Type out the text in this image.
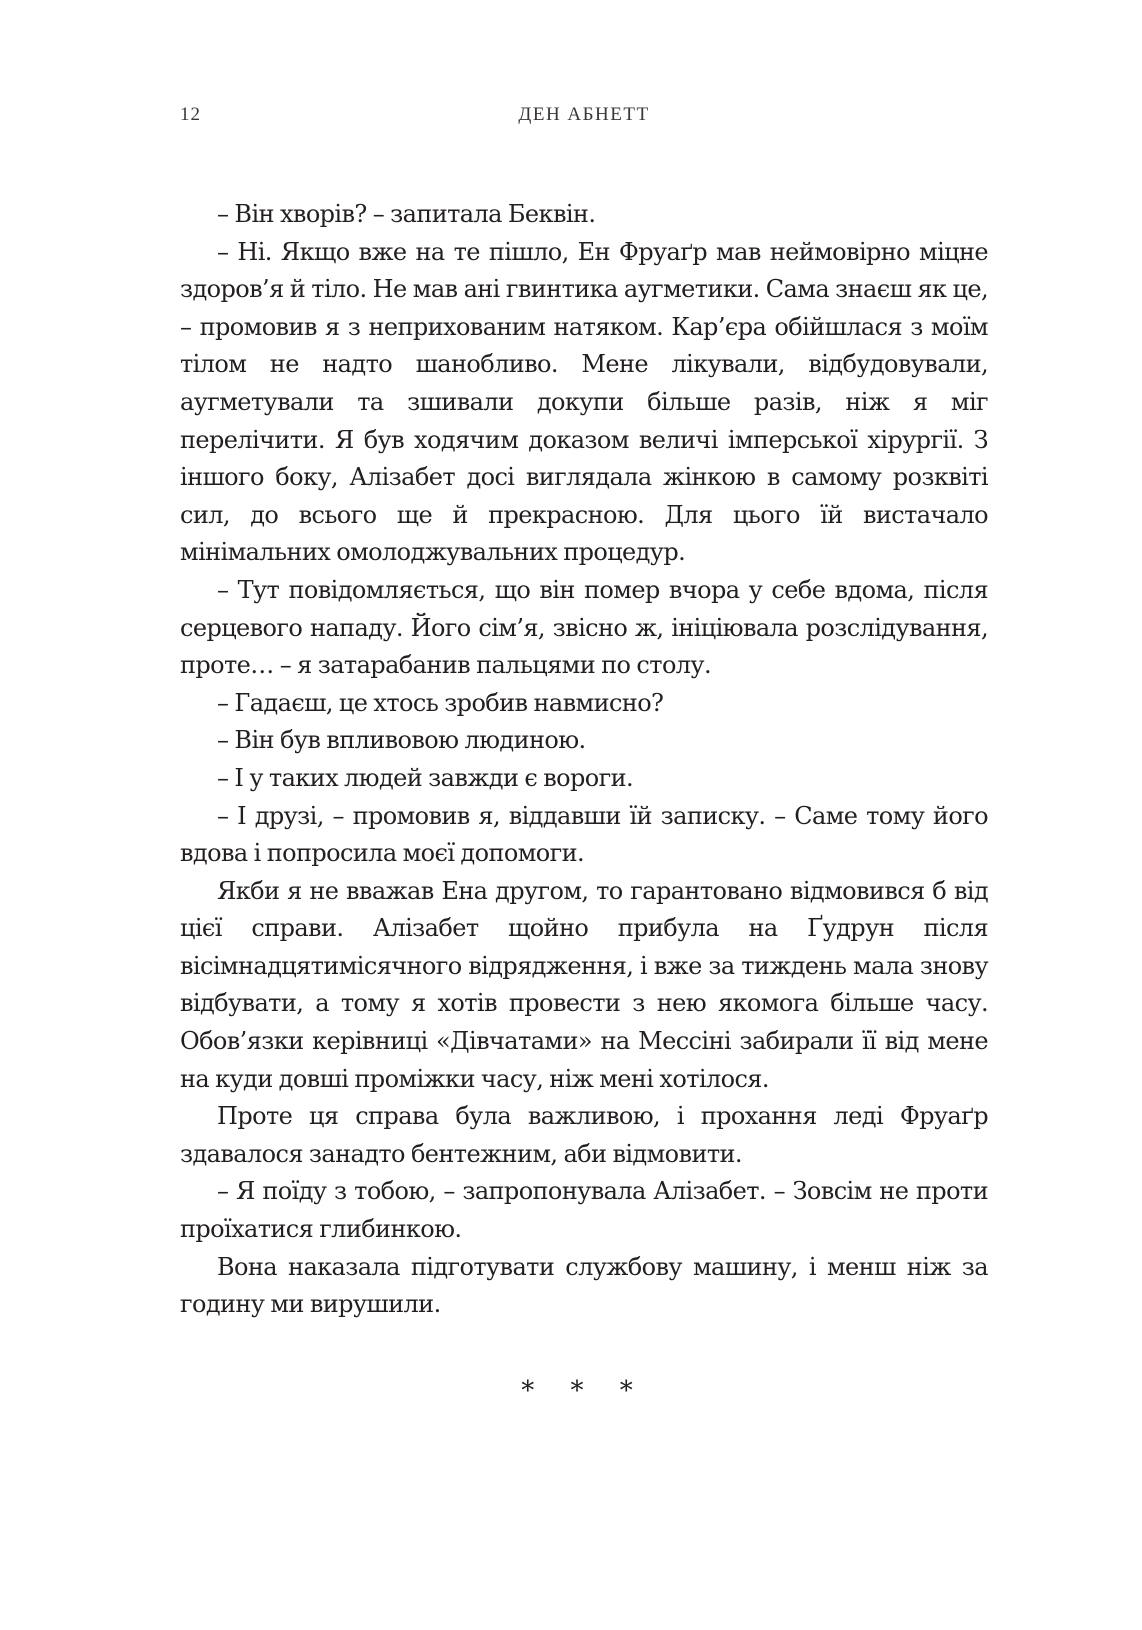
12	ДЕН АБНЕТТ

– Він хворів? – запитала Беквін.

– Ні. Якщо вже на те пішло, Ен Фруаґр мав неймовірно міцне здоров’я й тіло. Не мав ані гвинтика аугметики. Сама знаєш як це, – промовив я з неприхованим натяком. Кар’єра обійшлася з моїм тілом не надто шанобливо. Мене лікували, відбудовували, аугметували та зшивали докупи більше разів, ніж я міг перелічити. Я був ходячим доказом величі імперської хірургії. З іншого боку, Алізабет досі виглядала жінкою в самому розквіті сил, до всього ще й прекрасною. Для цього їй вистачало мінімальних омолоджувальних процедур.

– Тут повідомляється, що він помер вчора у себе вдома, після серцевого нападу. Його сім’я, звісно ж, ініціювала розслідування, проте… – я затарабанив пальцями по столу.

– Гадаєш, це хтось зробив навмисно?

– Він був впливовою людиною.

– І у таких людей завжди є вороги.

– І друзі, – промовив я, віддавши їй записку. – Саме тому його вдова і попросила моєї допомоги.

Якби я не вважав Ена другом, то гарантовано відмовився б від цієї справи. Алізабет щойно прибула на Ґудрун після вісімнадцятимісячного відрядження, і вже за тиждень мала знову відбувати, а тому я хотів провести з нею якомога більше часу. Обов’язки керівниці «Дівчатами» на Мессіні забирали її від мене на куди довші проміжки часу, ніж мені хотілося.

Проте ця справа була важливою, і прохання леді Фруаґр здавалося занадто бентежним, аби відмовити.

– Я поїду з тобою, – запропонувала Алізабет. – Зовсім не проти проїхатися глибинкою.

Вона наказала підготувати службову машину, і менш ніж за годину ми вирушили.

* * *
